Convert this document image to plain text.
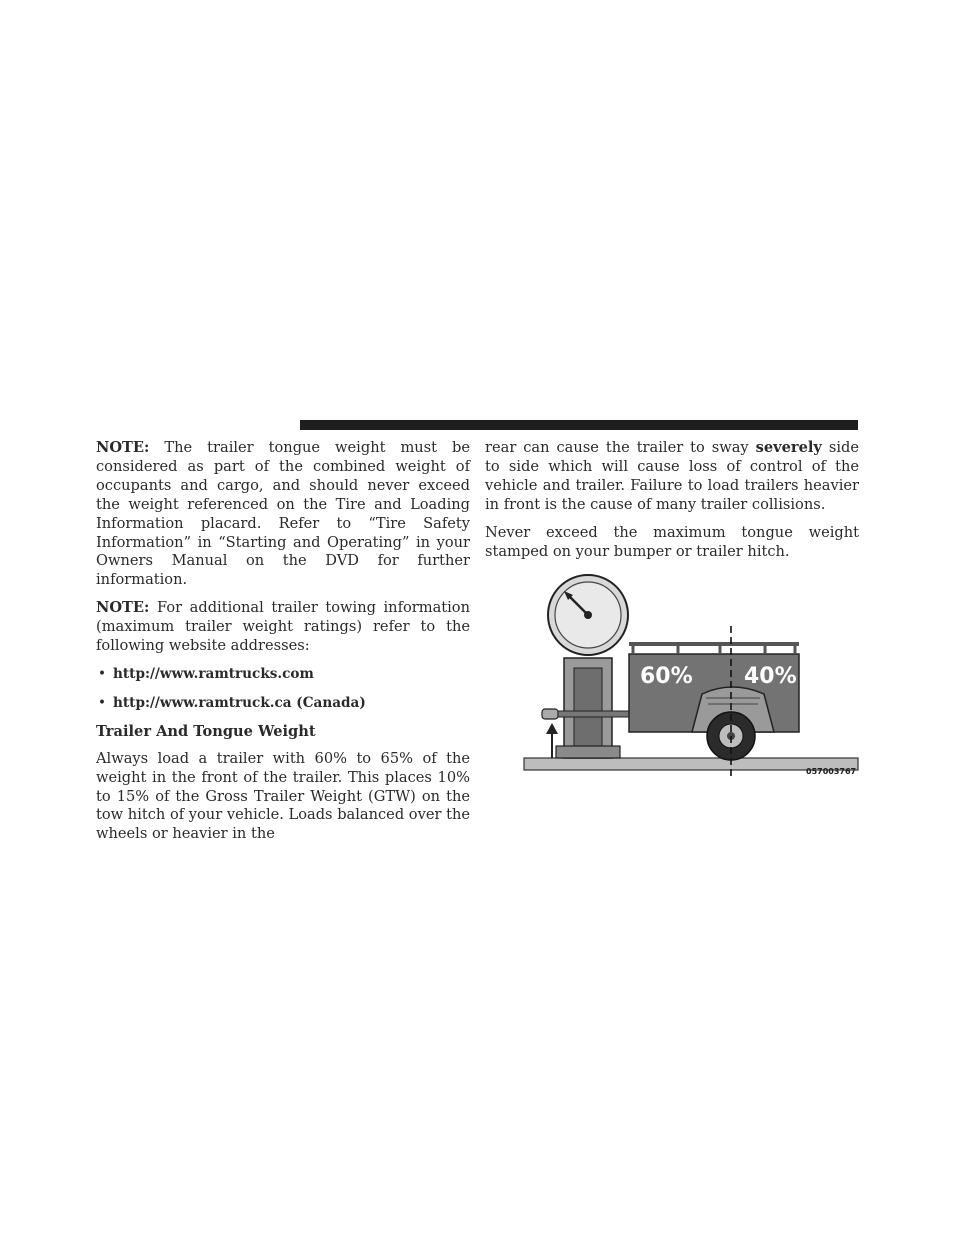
NOTE: The trailer tongue weight must be considered as part of the combined weight of occupants and cargo, and should never exceed the weight referenced on the Tire and Loading Information placard. Refer to “Tire Safety Information” in “Starting and Operating” in your Owners Manual on the DVD for further information.

NOTE: For additional trailer towing information (maximum trailer weight ratings) refer to the following website addresses:

• http://www.ramtrucks.com
• http://www.ramtruck.ca (Canada)
Trailer And Tongue Weight

Always load a trailer with 60% to 65% of the weight in the front of the trailer. This places 10% to 15% of the Gross Trailer Weight (GTW) on the tow hitch of your vehicle. Loads balanced over the wheels or heavier in the

rear can cause the trailer to sway severely side to side which will cause loss of control of the vehicle and trailer. Failure to load trailers heavier in front is the cause of many trailer collisions.

Never exceed the maximum tongue weight stamped on your bumper or trailer hitch.

60% 40%
057003767
